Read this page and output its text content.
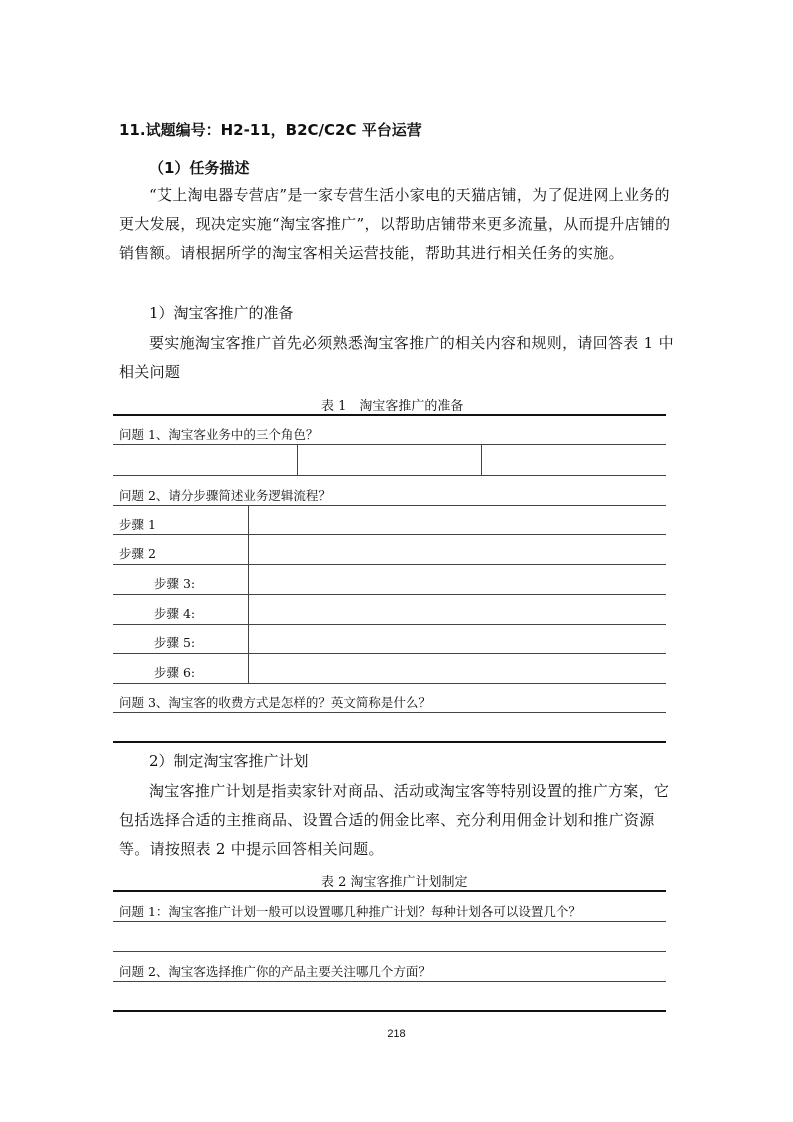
11.试题编号：H2-11，B2C/C2C 平台运营
（1）任务描述
“艾上淘电器专营店”是一家专营生活小家电的天猫店铺，为了促进网上业务的更大发展，现决定实施“淘宝客推广”，以帮助店铺带来更多流量，从而提升店铺的销售额。请根据所学的淘宝客相关运营技能，帮助其进行相关任务的实施。
1）淘宝客推广的准备
要实施淘宝客推广首先必须熟悉淘宝客推广的相关内容和规则，请回答表 1 中相关问题
表 1　淘宝客推广的准备
问题 1、淘宝客业务中的三个角色？
问题 2、请分步骤简述业务逻辑流程？
步骤 1
步骤 2
步骤 3:
步骤 4:
步骤 5:
步骤 6:
问题 3、淘宝客的收费方式是怎样的？英文简称是什么？
2）制定淘宝客推广计划
淘宝客推广计划是指卖家针对商品、活动或淘宝客等特别设置的推广方案，它包括选择合适的主推商品、设置合适的佣金比率、充分利用佣金计划和推广资源等。请按照表 2 中提示回答相关问题。
表 2 淘宝客推广计划制定
问题 1：淘宝客推广计划一般可以设置哪几种推广计划？每种计划各可以设置几个？
问题 2、淘宝客选择推广你的产品主要关注哪几个方面？
218
